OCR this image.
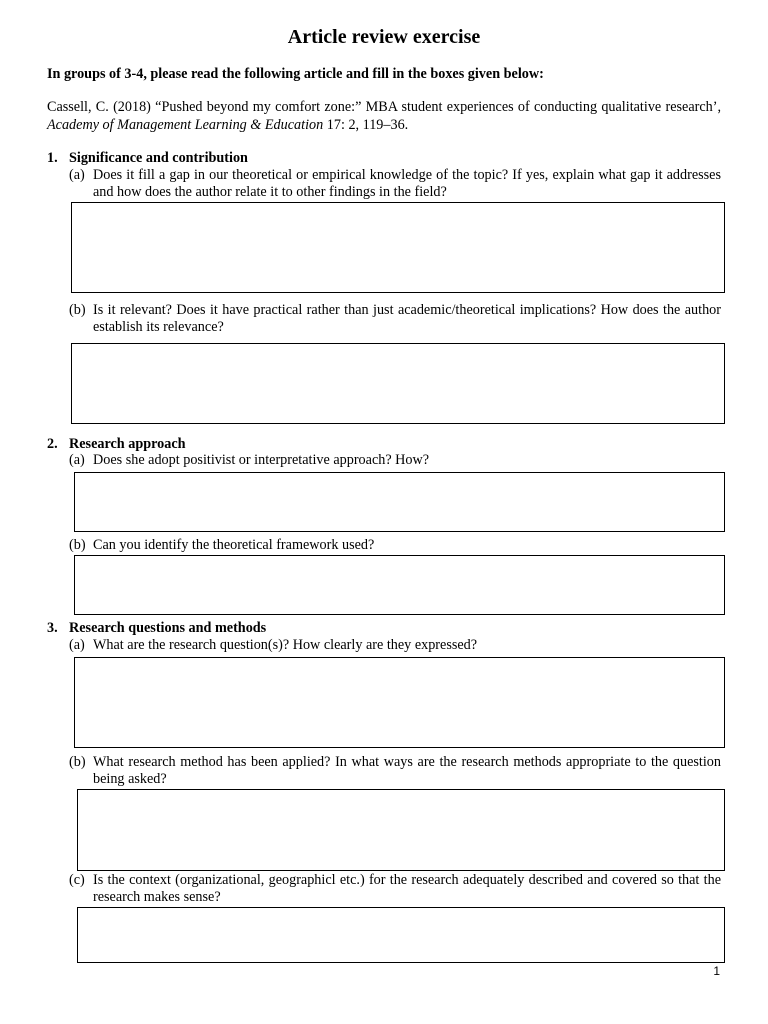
Article review exercise

In groups of 3-4, please read the following article and fill in the boxes given below:

Cassell, C. (2018) “Pushed beyond my comfort zone:” MBA student experiences of conducting qualitative research’, Academy of Management Learning & Education 17: 2, 119–36.

1. Significance and contribution
(a) Does it fill a gap in our theoretical or empirical knowledge of the topic? If yes, explain what gap it addresses and how does the author relate it to other findings in the field?
(b) Is it relevant? Does it have practical rather than just academic/theoretical implications? How does the author establish its relevance?
2. Research approach
(a) Does she adopt positivist or interpretative approach? How?
(b) Can you identify the theoretical framework used?
3. Research questions and methods
(a) What are the research question(s)? How clearly are they expressed?
(b) What research method has been applied? In what ways are the research methods appropriate to the question being asked?
(c) Is the context (organizational, geographicl etc.) for the research adequately described and covered so that the research makes sense?
1
